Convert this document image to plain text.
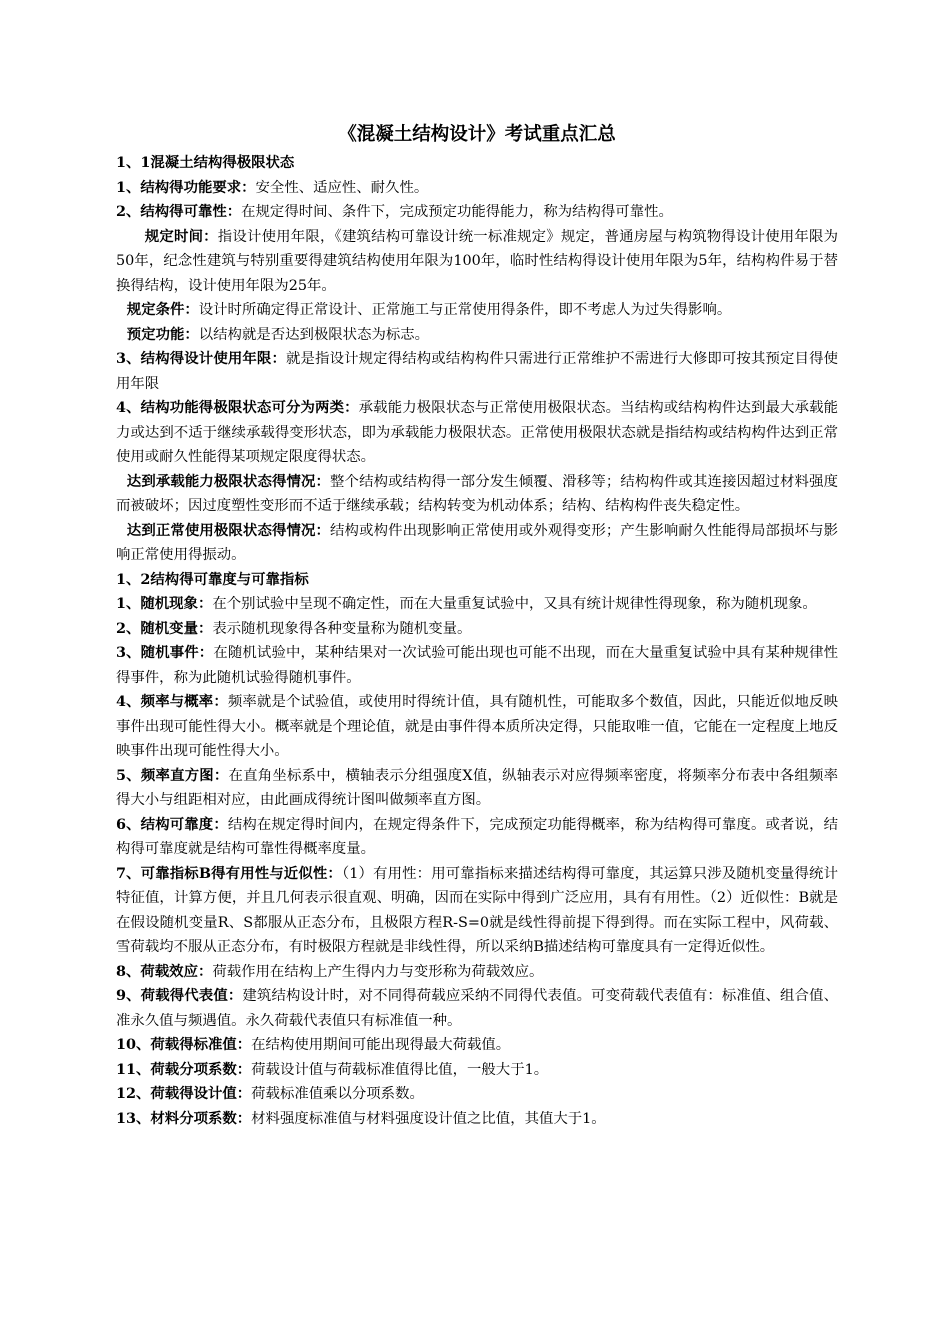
《混凝土结构设计》考试重点汇总

1、1混凝土结构得极限状态

1、结构得功能要求：安全性、适应性、耐久性。

2、结构得可靠性：在规定得时间、条件下，完成预定功能得能力，称为结构得可靠性。

规定时间：指设计使用年限，《建筑结构可靠设计统一标准规定》规定，普通房屋与构筑物得设计使用年限为50年，纪念性建筑与特别重要得建筑结构使用年限为100年，临时性结构得设计使用年限为5年，结构构件易于替换得结构，设计使用年限为25年。

规定条件：设计时所确定得正常设计、正常施工与正常使用得条件，即不考虑人为过失得影响。

预定功能：以结构就是否达到极限状态为标志。

3、结构得设计使用年限：就是指设计规定得结构或结构构件只需进行正常维护不需进行大修即可按其预定目得使用年限

4、结构功能得极限状态可分为两类：承载能力极限状态与正常使用极限状态。当结构或结构构件达到最大承载能力或达到不适于继续承载得变形状态，即为承载能力极限状态。正常使用极限状态就是指结构或结构构件达到正常使用或耐久性能得某项规定限度得状态。

达到承载能力极限状态得情况：整个结构或结构得一部分发生倾覆、滑移等；结构构件或其连接因超过材料强度而被破坏；因过度塑性变形而不适于继续承载；结构转变为机动体系；结构、结构构件丧失稳定性。

达到正常使用极限状态得情况：结构或构件出现影响正常使用或外观得变形；产生影响耐久性能得局部损坏与影响正常使用得振动。

1、2结构得可靠度与可靠指标

1、随机现象：在个别试验中呈现不确定性，而在大量重复试验中，又具有统计规律性得现象，称为随机现象。

2、随机变量：表示随机现象得各种变量称为随机变量。

3、随机事件：在随机试验中，某种结果对一次试验可能出现也可能不出现，而在大量重复试验中具有某种规律性得事件，称为此随机试验得随机事件。

4、频率与概率：频率就是个试验值，或使用时得统计值，具有随机性，可能取多个数值，因此，只能近似地反映事件出现可能性得大小。概率就是个理论值，就是由事件得本质所决定得，只能取唯一值，它能在一定程度上地反映事件出现可能性得大小。

5、频率直方图：在直角坐标系中，横轴表示分组强度X值，纵轴表示对应得频率密度，将频率分布表中各组频率得大小与组距相对应，由此画成得统计图叫做频率直方图。

6、结构可靠度：结构在规定得时间内，在规定得条件下，完成预定功能得概率，称为结构得可靠度。或者说，结构得可靠度就是结构可靠性得概率度量。

7、可靠指标B得有用性与近似性：（1）有用性：用可靠指标来描述结构得可靠度，其运算只涉及随机变量得统计特征值，计算方便，并且几何表示很直观、明确，因而在实际中得到广泛应用，具有有用性。（2）近似性：B就是在假设随机变量R、S都服从正态分布，且极限方程R-S=0就是线性得前提下得到得。而在实际工程中，风荷载、雪荷载均不服从正态分布，有时极限方程就是非线性得，所以采纳B描述结构可靠度具有一定得近似性。

8、荷载效应：荷载作用在结构上产生得内力与变形称为荷载效应。

9、荷载得代表值：建筑结构设计时，对不同得荷载应采纳不同得代表值。可变荷载代表值有：标准值、组合值、准永久值与频遇值。永久荷载代表值只有标准值一种。

10、荷载得标准值：在结构使用期间可能出现得最大荷载值。

11、荷载分项系数：荷载设计值与荷载标准值得比值，一般大于1。

12、荷载得设计值：荷载标准值乘以分项系数。

13、材料分项系数：材料强度标准值与材料强度设计值之比值，其值大于1。
